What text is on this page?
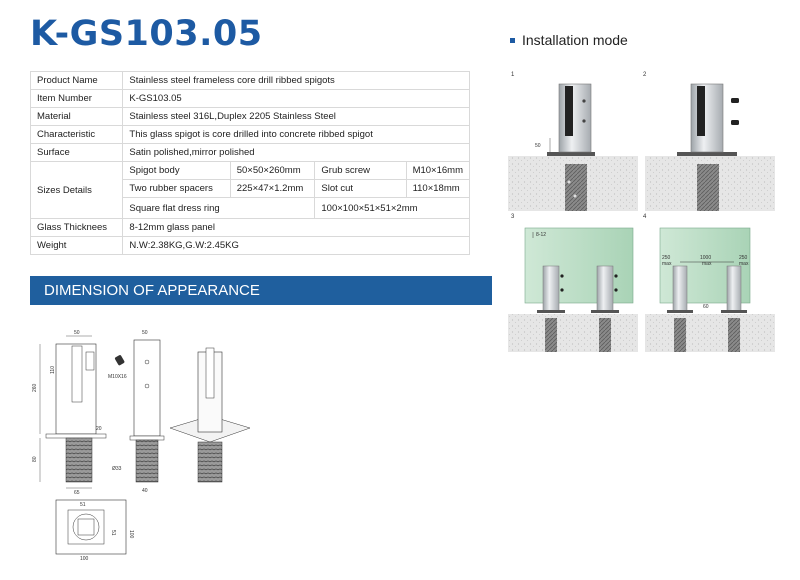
K-GS103.05
Product Name	Stainless steel frameless core drill ribbed spigots			
Item Number	K-GS103.05			
Material	Stainless steel 316L,Duplex 2205 Stainless Steel			
Characteristic	This glass spigot is core drilled into concrete ribbed spigot			
Surface	Satin polished,mirror polished			
Sizes Details	Spigot body	50×50×260mm	Grub screw	M10×16mm
	Two rubber spacers	225×47×1.2mm	Slot cut	110×18mm
	Square flat dress ring		100×100×51×51×2mm	
Glass Thicknees	8-12mm glass panel			
Weight	N.W:2.38KG,G.W:2.45KG			
DIMENSION OF APPEARANCE
Installation mode
1
50
2
3
8-12
4
250
max
1000
max
250
max
60
260
110
80
50
65
Ø33
20
M10X16
50
40
51
100
100
51
